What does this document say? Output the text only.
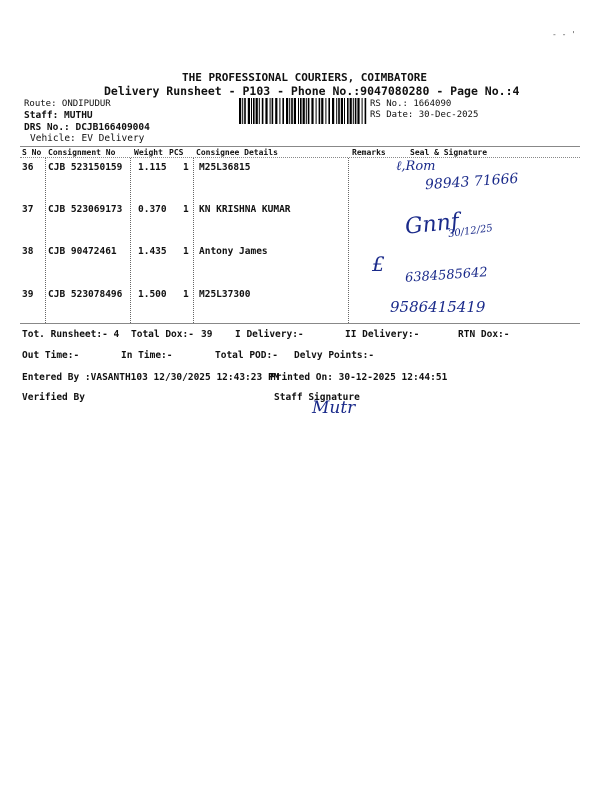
THE PROFESSIONAL COURIERS, COIMBATORE
Delivery Runsheet - P103 - Phone No.:9047080280 - Page No.:4
Route: ONDIPUDUR
Staff: MUTHU
DRS No.: DCJB166409004
Vehicle: EV Delivery
RS No.: 1664090
RS Date: 30-Dec-2025
S No Consignment No Weight PCS Consignee Details	Remarks	Seal & Signature
36 CJB 523150159 1.115 1 M25L36815	ℓ,Rom
98943 71666
37 CJB 523069173 0.370 1 KN KRISHNA KUMAR	Gnnf
30/12/25
38 CJB 90472461 1.435 1 Antony James
£ 6384585642
39 CJB 523078496 1.500 1 M25L37300
9586415419
Tot. Runsheet:- 4 Total Dox:- 39 I Delivery:-	II Delivery:-	RTN Dox:-
Out Time:-	In Time:-	Total POD:- Delvy Points:-
Entered By :VASANTH103 12/30/2025 12:43:23 PM
Printed On: 30-12-2025 12:44:51
Verified By	Staff Signature
Mutr
- - '
